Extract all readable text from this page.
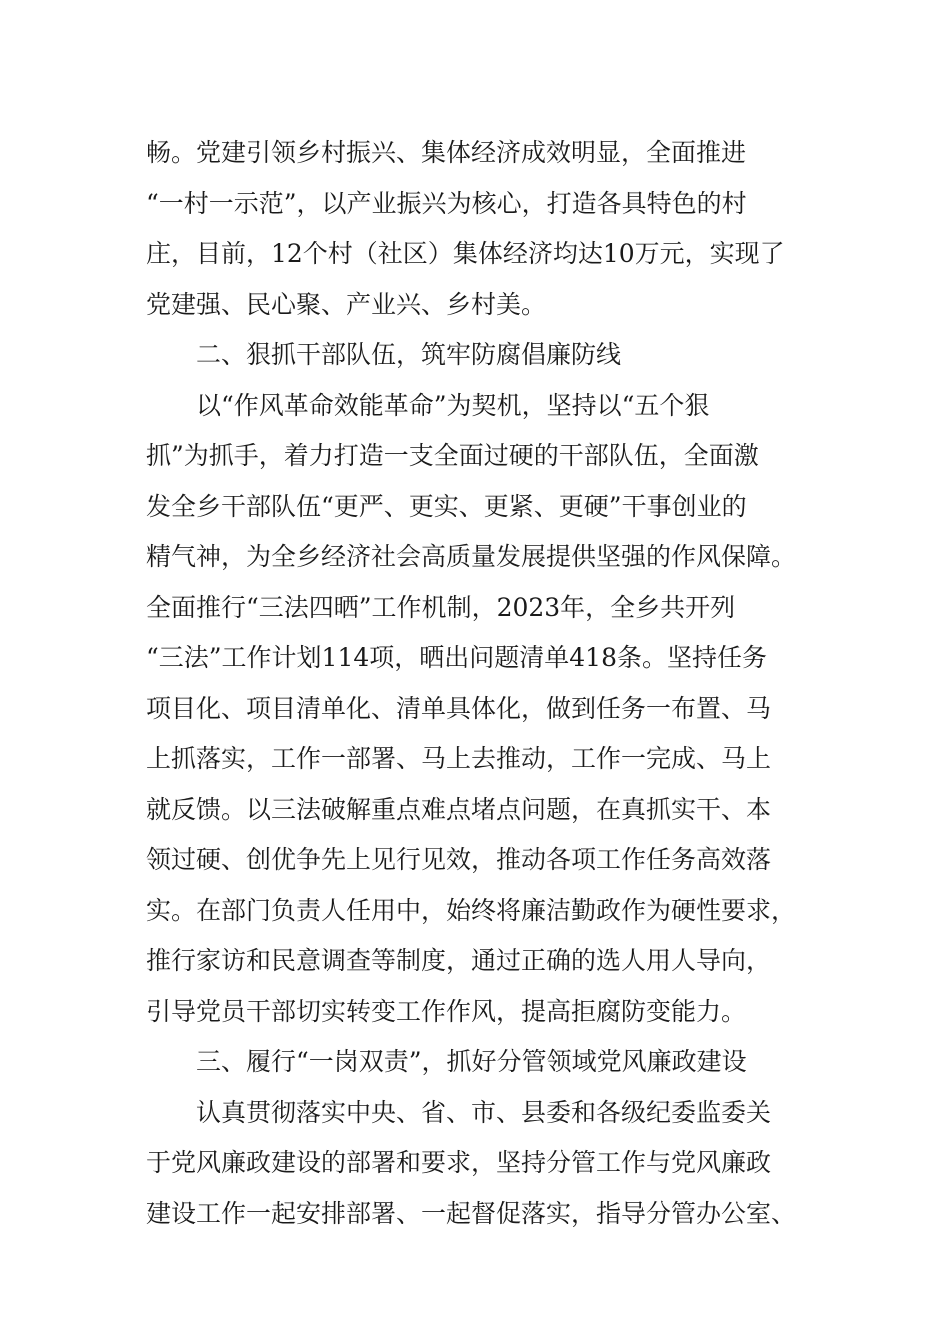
畅。党建引领乡村振兴、集体经济成效明显，全面推进
“一村一示范”，以产业振兴为核心，打造各具特色的村
庄，目前，12个村（社区）集体经济均达10万元，实现了
党建强、民心聚、产业兴、乡村美。
二、狠抓干部队伍，筑牢防腐倡廉防线
以“作风革命效能革命”为契机，坚持以“五个狠
抓”为抓手，着力打造一支全面过硬的干部队伍，全面激
发全乡干部队伍“更严、更实、更紧、更硬”干事创业的
精气神，为全乡经济社会高质量发展提供坚强的作风保障。
全面推行“三法四晒”工作机制，2023年，全乡共开列
“三法”工作计划114项，晒出问题清单418条。坚持任务
项目化、项目清单化、清单具体化，做到任务一布置、马
上抓落实，工作一部署、马上去推动，工作一完成、马上
就反馈。以三法破解重点难点堵点问题，在真抓实干、本
领过硬、创优争先上见行见效，推动各项工作任务高效落
实。在部门负责人任用中，始终将廉洁勤政作为硬性要求，
推行家访和民意调查等制度，通过正确的选人用人导向，
引导党员干部切实转变工作作风，提高拒腐防变能力。
三、履行“一岗双责”，抓好分管领域党风廉政建设
认真贯彻落实中央、省、市、县委和各级纪委监委关
于党风廉政建设的部署和要求，坚持分管工作与党风廉政
建设工作一起安排部署、一起督促落实，指导分管办公室、
